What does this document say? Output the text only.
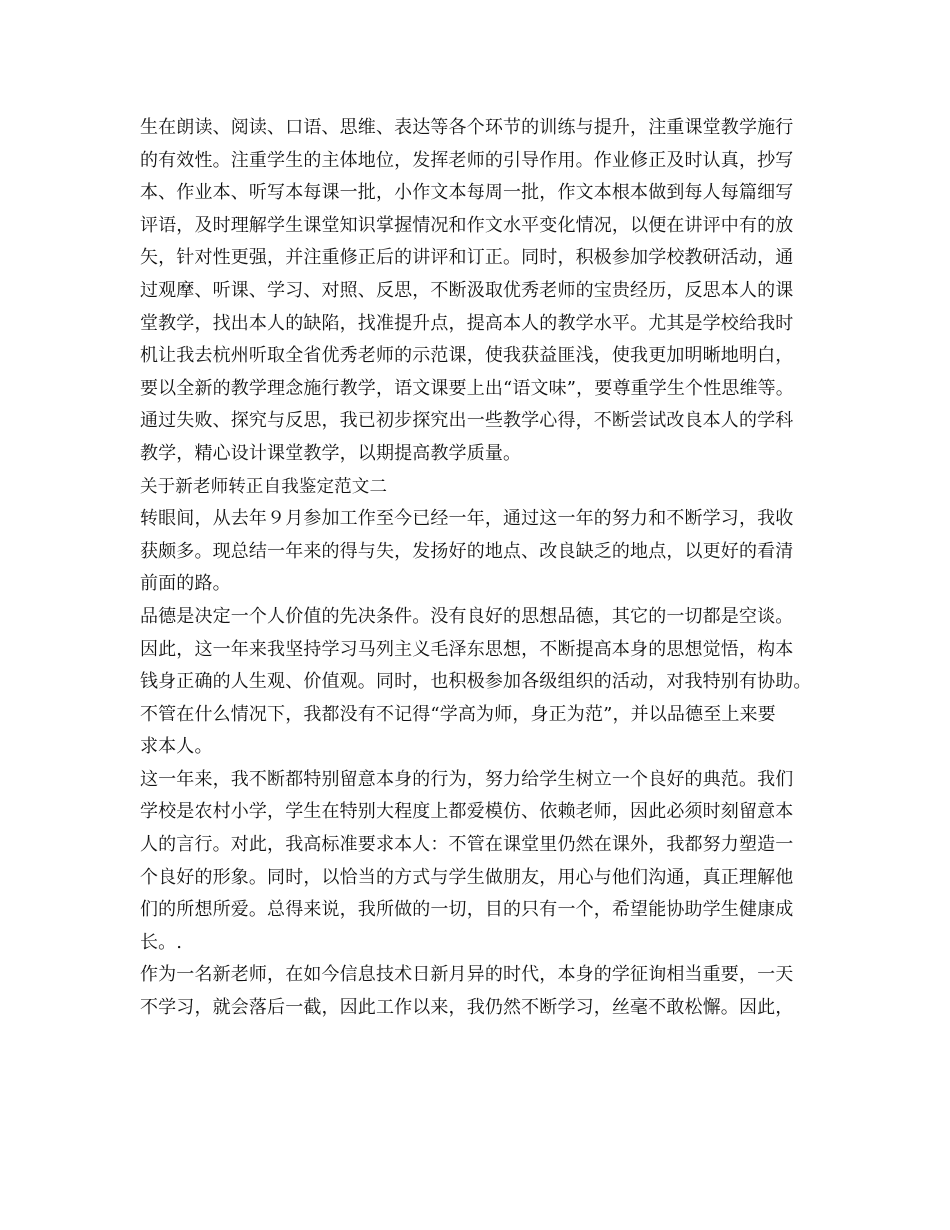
生在朗读、阅读、口语、思维、表达等各个环节的训练与提升，注重课堂教学施行
的有效性。注重学生的主体地位，发挥老师的引导作用。作业修正及时认真，抄写
本、作业本、听写本每课一批，小作文本每周一批，作文本根本做到每人每篇细写
评语，及时理解学生课堂知识掌握情况和作文水平变化情况，以便在讲评中有的放
矢，针对性更强，并注重修正后的讲评和订正。同时，积极参加学校教研活动，通
过观摩、听课、学习、对照、反思，不断汲取优秀老师的宝贵经历，反思本人的课
堂教学，找出本人的缺陷，找准提升点，提高本人的教学水平。尤其是学校给我时
机让我去杭州听取全省优秀老师的示范课，使我获益匪浅，使我更加明晰地明白，
要以全新的教学理念施行教学，语文课要上出“语文味”，要尊重学生个性思维等。
通过失败、探究与反思，我已初步探究出一些教学心得，不断尝试改良本人的学科
教学，精心设计课堂教学，以期提高教学质量。
关于新老师转正自我鉴定范文二
转眼间，从去年９月参加工作至今已经一年，通过这一年的努力和不断学习，我收
获颇多。现总结一年来的得与失，发扬好的地点、改良缺乏的地点，以更好的看清
前面的路。
品德是决定一个人价值的先决条件。没有良好的思想品德，其它的一切都是空谈。
因此，这一年来我坚持学习马列主义毛泽东思想，不断提高本身的思想觉悟，构本
钱身正确的人生观、价值观。同时，也积极参加各级组织的活动，对我特别有协助。
不管在什么情况下，我都没有不记得“学高为师，身正为范”，并以品德至上来要
求本人。
这一年来，我不断都特别留意本身的行为，努力给学生树立一个良好的典范。我们
学校是农村小学，学生在特别大程度上都爱模仿、依赖老师，因此必须时刻留意本
人的言行。对此，我高标准要求本人：不管在课堂里仍然在课外，我都努力塑造一
个良好的形象。同时，以恰当的方式与学生做朋友，用心与他们沟通，真正理解他
们的所想所爱。总得来说，我所做的一切，目的只有一个，希望能协助学生健康成
长。.
作为一名新老师，在如今信息技术日新月异的时代，本身的学征询相当重要，一天
不学习，就会落后一截，因此工作以来，我仍然不断学习，丝毫不敢松懈。因此，
